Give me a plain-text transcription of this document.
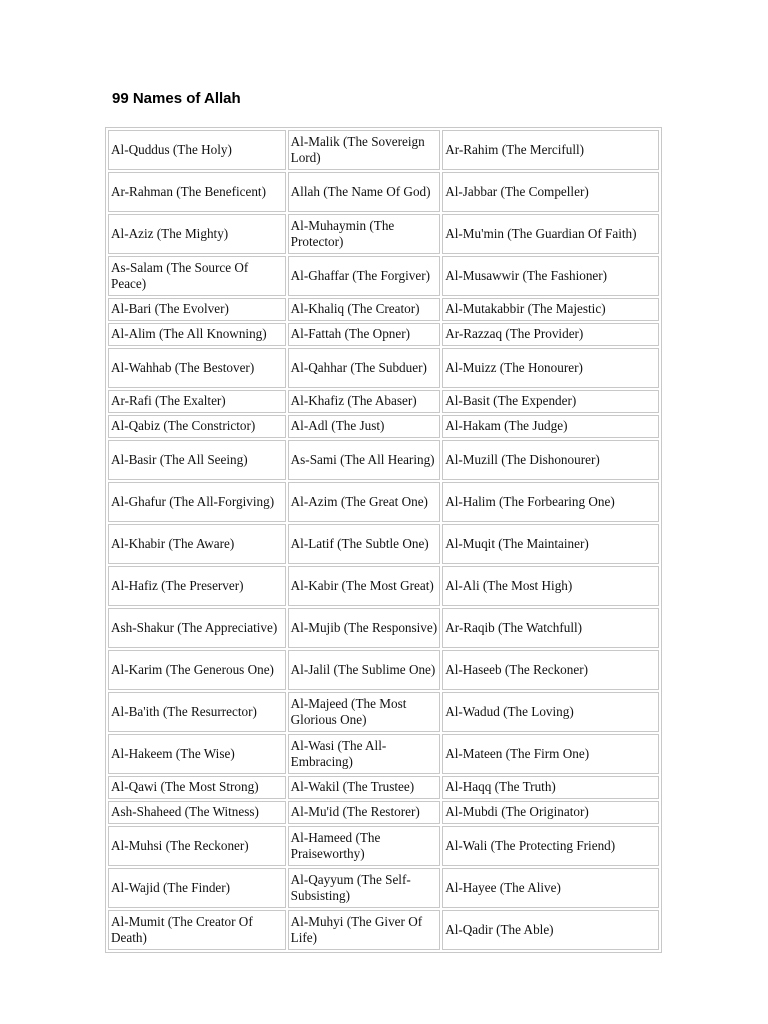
99 Names of Allah
Al-Quddus (The Holy)	Al-Malik (The Sovereign Lord)	Ar-Rahim (The Mercifull)
Ar-Rahman (The Beneficent)	Allah (The Name Of God)	Al-Jabbar (The Compeller)
Al-Aziz (The Mighty)	Al-Muhaymin (The Protector)	Al-Mu'min (The Guardian Of Faith)
As-Salam (The Source Of Peace)	Al-Ghaffar (The Forgiver)	Al-Musawwir (The Fashioner)
Al-Bari (The Evolver)	Al-Khaliq (The Creator)	Al-Mutakabbir (The Majestic)
Al-Alim (The All Knowning)	Al-Fattah (The Opner)	Ar-Razzaq (The Provider)
Al-Wahhab (The Bestover)	Al-Qahhar (The Subduer)	Al-Muizz (The Honourer)
Ar-Rafi (The Exalter)	Al-Khafiz (The Abaser)	Al-Basit (The Expender)
Al-Qabiz (The Constrictor)	Al-Adl (The Just)	Al-Hakam (The Judge)
Al-Basir (The All Seeing)	As-Sami (The All Hearing)	Al-Muzill (The Dishonourer)
Al-Ghafur (The All-Forgiving)	Al-Azim (The Great One)	Al-Halim (The Forbearing One)
Al-Khabir (The Aware)	Al-Latif (The Subtle One)	Al-Muqit (The Maintainer)
Al-Hafiz (The Preserver)	Al-Kabir (The Most Great)	Al-Ali (The Most High)
Ash-Shakur (The Appreciative)	Al-Mujib (The Responsive)	Ar-Raqib (The Watchfull)
Al-Karim (The Generous One)	Al-Jalil (The Sublime One)	Al-Haseeb (The Reckoner)
Al-Ba'ith (The Resurrector)	Al-Majeed (The Most Glorious One)	Al-Wadud (The Loving)
Al-Hakeem (The Wise)	Al-Wasi (The All-Embracing)	Al-Mateen (The Firm One)
Al-Qawi (The Most Strong)	Al-Wakil (The Trustee)	Al-Haqq (The Truth)
Ash-Shaheed (The Witness)	Al-Mu'id (The Restorer)	Al-Mubdi (The Originator)
Al-Muhsi (The Reckoner)	Al-Hameed (The Praiseworthy)	Al-Wali (The Protecting Friend)
Al-Wajid (The Finder)	Al-Qayyum (The Self-Subsisting)	Al-Hayee (The Alive)
Al-Mumit (The Creator Of Death)	Al-Muhyi (The Giver Of Life)	Al-Qadir (The Able)
